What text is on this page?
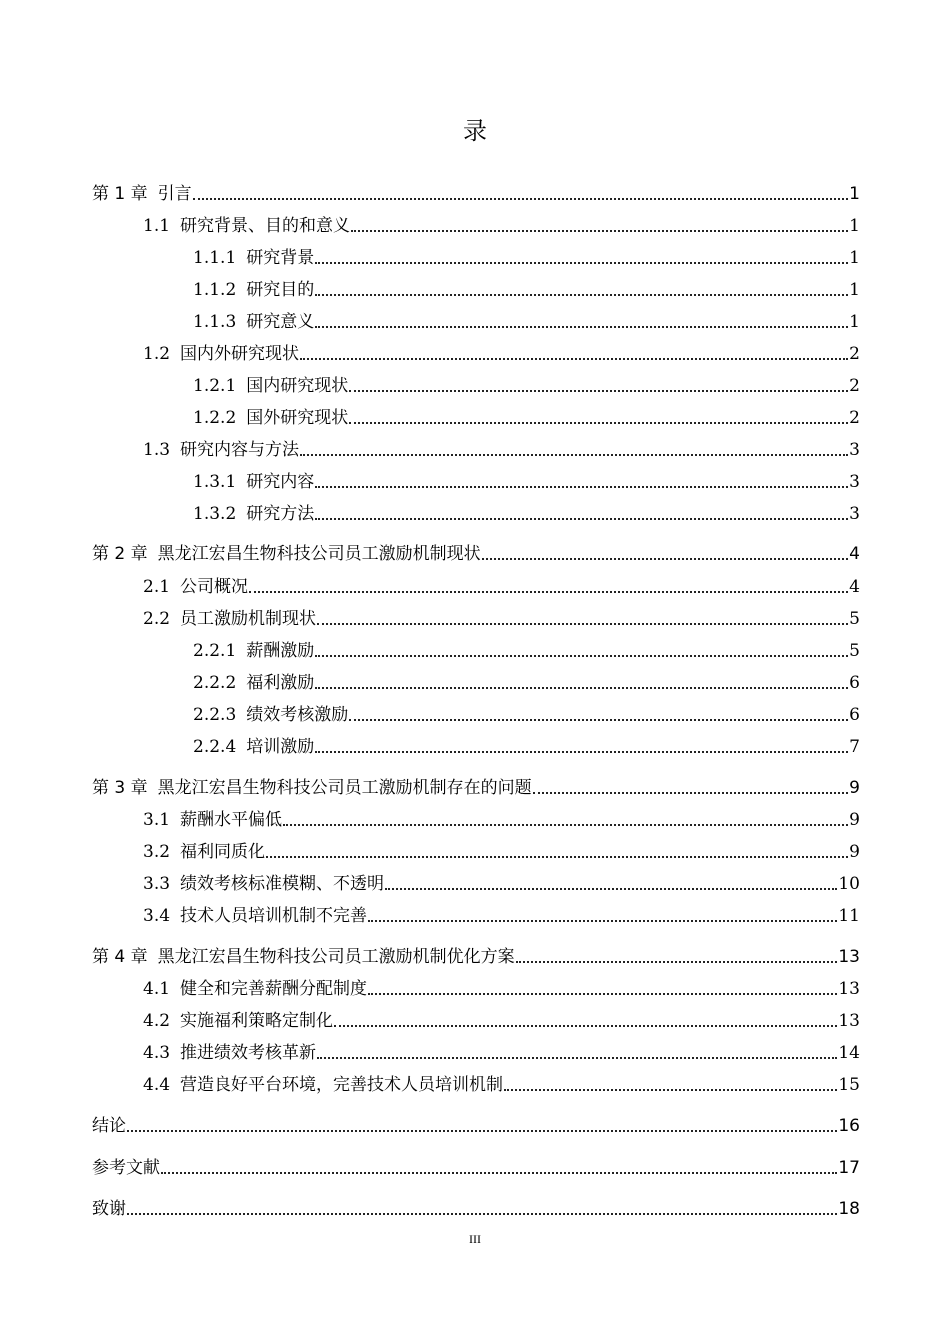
录
第 1 章 引言	1
1.1 研究背景、目的和意义	1
1.1.1 研究背景	1
1.1.2 研究目的	1
1.1.3 研究意义	1
1.2 国内外研究现状	2
1.2.1 国内研究现状	2
1.2.2 国外研究现状	2
1.3 研究内容与方法	3
1.3.1 研究内容	3
1.3.2 研究方法	3
第 2 章 黑龙江宏昌生物科技公司员工激励机制现状	4
2.1 公司概况	4
2.2 员工激励机制现状	5
2.2.1 薪酬激励	5
2.2.2 福利激励	6
2.2.3 绩效考核激励	6
2.2.4 培训激励	7
第 3 章 黑龙江宏昌生物科技公司员工激励机制存在的问题	9
3.1 薪酬水平偏低	9
3.2 福利同质化	9
3.3 绩效考核标准模糊、不透明	10
3.4 技术人员培训机制不完善	11
第 4 章 黑龙江宏昌生物科技公司员工激励机制优化方案	13
4.1 健全和完善薪酬分配制度	13
4.2 实施福利策略定制化	13
4.3 推进绩效考核革新	14
4.4 营造良好平台环境，完善技术人员培训机制	15
结论	16
参考文献	17
致谢	18
III
